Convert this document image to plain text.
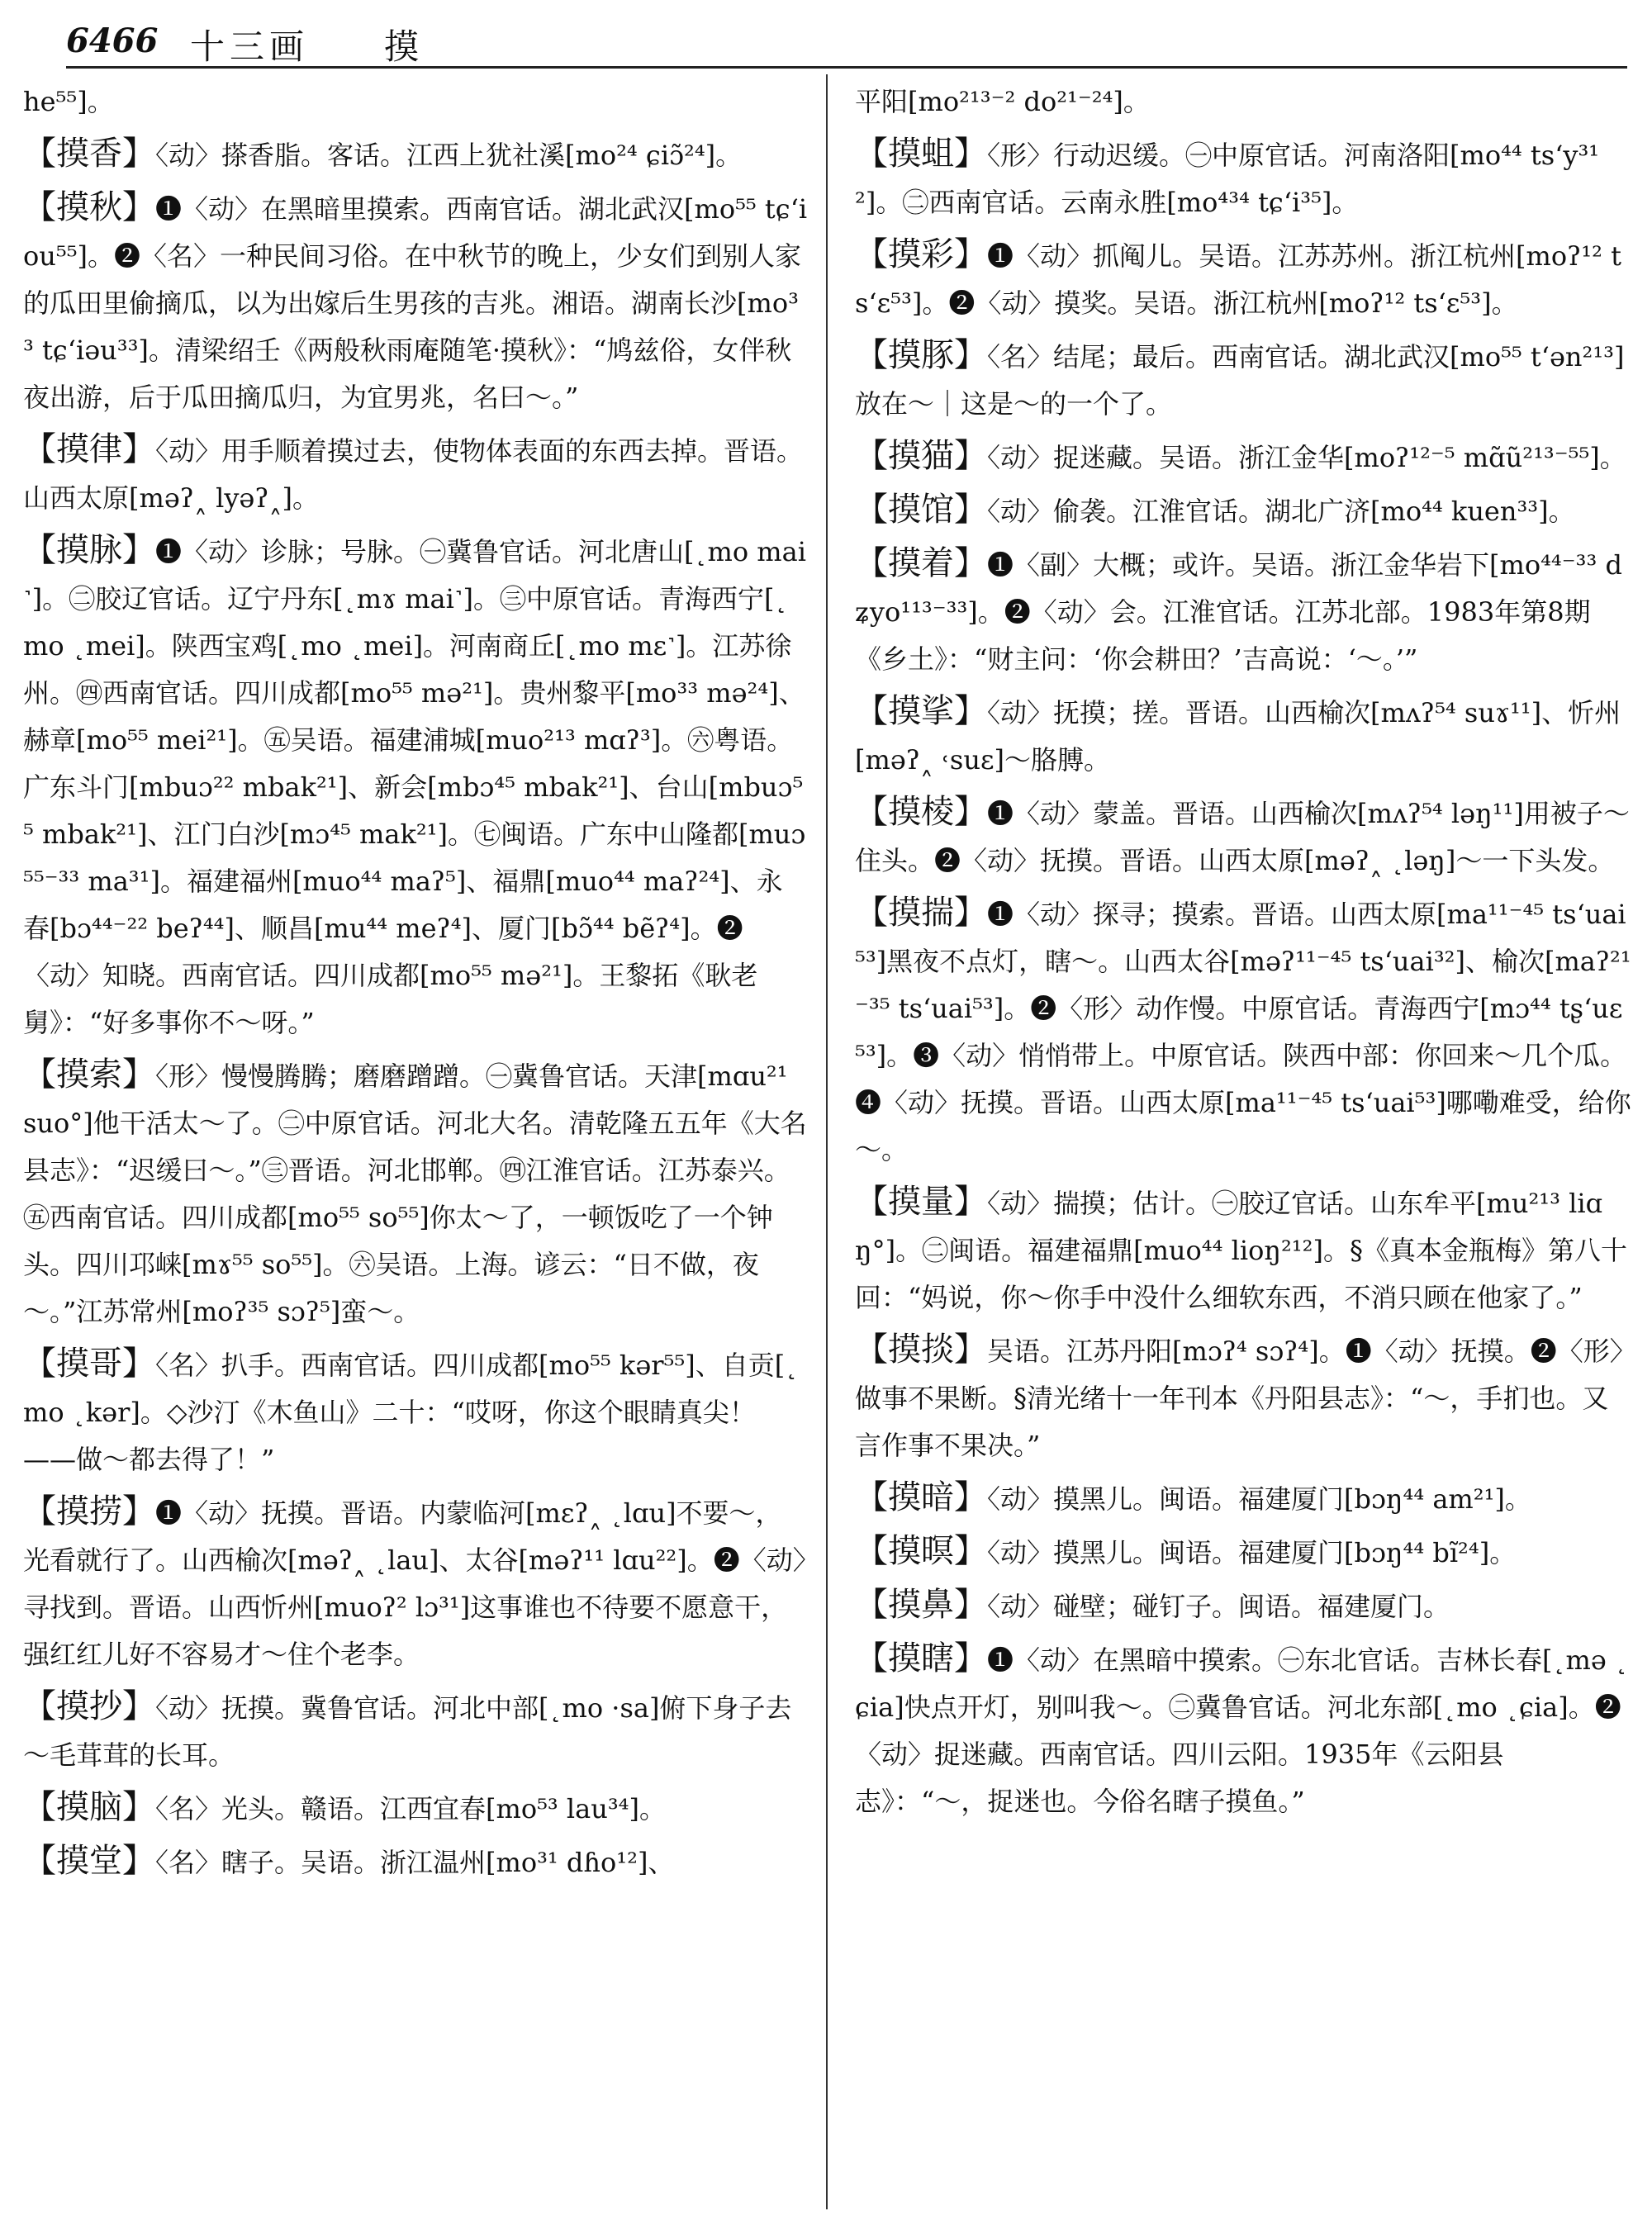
6466 十三画 摸
he⁵⁵]。
【摸香】〈动〉搽香脂。客话。江西上犹社溪[mo²⁴ ɕiɔ̃²⁴]。
【摸秋】❶〈动〉在黑暗里摸索。西南官话。湖北武汉[mo⁵⁵ tɕʻiou⁵⁵]。❷〈名〉一种民间习俗。在中秋节的晚上，少女们到别人家的瓜田里偷摘瓜，以为出嫁后生男孩的吉兆。湘语。湖南长沙[mo³³ tɕʻiəu³³]。清梁绍壬《两般秋雨庵随笔·摸秋》：“鸠兹俗，女伴秋夜出游，后于瓜田摘瓜归，为宜男兆，名曰～。”
【摸律】〈动〉用手顺着摸过去，使物体表面的东西去掉。晋语。山西太原[məʔ˰ lyəʔ˰]。
【摸脉】❶〈动〉诊脉；号脉。㊀冀鲁官话。河北唐山[˛mo mai˺]。㊁胶辽官话。辽宁丹东[˛mɤ mai˺]。㊂中原官话。青海西宁[˛mo ˛mei]。陕西宝鸡[˛mo ˛mei]。河南商丘[˛mo mɛ˺]。江苏徐州。㊃西南官话。四川成都[mo⁵⁵ mə²¹]。贵州黎平[mo³³ mə²⁴]、赫章[mo⁵⁵ mei²¹]。㊄吴语。福建浦城[muo²¹³ mɑʔ³]。㊅粤语。广东斗门[mbuɔ²² mbak²¹]、新会[mbɔ⁴⁵ mbak²¹]、台山[mbuɔ⁵⁵ mbak²¹]、江门白沙[mɔ⁴⁵ mak²¹]。㊆闽语。广东中山隆都[muɔ⁵⁵⁻³³ ma³¹]。福建福州[muo⁴⁴ maʔ⁵]、福鼎[muo⁴⁴ maʔ²⁴]、永春[bɔ⁴⁴⁻²² beʔ⁴⁴]、顺昌[mu⁴⁴ meʔ⁴]、厦门[bɔ̃⁴⁴ bẽʔ⁴]。❷〈动〉知晓。西南官话。四川成都[mo⁵⁵ mə²¹]。王黎拓《耿老舅》：“好多事你不～呀。”
【摸索】〈形〉慢慢腾腾；磨磨蹭蹭。㊀冀鲁官话。天津[mɑu²¹ suo°]他干活太～了。㊁中原官话。河北大名。清乾隆五五年《大名县志》：“迟缓曰～。”㊂晋语。河北邯郸。㊃江淮官话。江苏泰兴。㊄西南官话。四川成都[mo⁵⁵ so⁵⁵]你太～了，一顿饭吃了一个钟头。四川邛崃[mɤ⁵⁵ so⁵⁵]。㊅吴语。上海。谚云：“日不做，夜～。”江苏常州[moʔ³⁵ sɔʔ⁵]蛮～。
【摸哥】〈名〉扒手。西南官话。四川成都[mo⁵⁵ kər⁵⁵]、自贡[˛mo ˛kər]。◇沙汀《木鱼山》二十：“哎呀，你这个眼睛真尖！——做～都去得了！”
【摸捞】❶〈动〉抚摸。晋语。内蒙临河[mɛʔ˰ ˛lɑu]不要～，光看就行了。山西榆次[məʔ˰ ˛lau]、太谷[məʔ¹¹ lɑu²²]。❷〈动〉寻找到。晋语。山西忻州[muoʔ² lɔ³¹]这事谁也不待要不愿意干，强红红儿好不容易才～住个老李。
【摸抄】〈动〉抚摸。冀鲁官话。河北中部[˛mo ·sa]俯下身子去～毛茸茸的长耳。
【摸脑】〈名〉光头。赣语。江西宜春[mo⁵³ lau³⁴]。
【摸堂】〈名〉瞎子。吴语。浙江温州[mo³¹ dɦo¹²]、
平阳[mo²¹³⁻² do²¹⁻²⁴]。
【摸蛆】〈形〉行动迟缓。㊀中原官话。河南洛阳[mo⁴⁴ tsʻy³¹²]。㊁西南官话。云南永胜[mo⁴³⁴ tɕʻi³⁵]。
【摸彩】❶〈动〉抓阄儿。吴语。江苏苏州。浙江杭州[moʔ¹² tsʻɛ⁵³]。❷〈动〉摸奖。吴语。浙江杭州[moʔ¹² tsʻɛ⁵³]。
【摸豚】〈名〉结尾；最后。西南官话。湖北武汉[mo⁵⁵ tʻən²¹³]放在～｜这是～的一个了。
【摸猫】〈动〉捉迷藏。吴语。浙江金华[moʔ¹²⁻⁵ mɑ̃ũ²¹³⁻⁵⁵]。
【摸馆】〈动〉偷袭。江淮官话。湖北广济[mo⁴⁴ kuen³³]。
【摸着】❶〈副〉大概；或许。吴语。浙江金华岩下[mo⁴⁴⁻³³ dʑyo¹¹³⁻³³]。❷〈动〉会。江淮官话。江苏北部。1983年第8期《乡土》：“财主问：‘你会耕田？’吉高说：‘～。’”
【摸挲】〈动〉抚摸；搓。晋语。山西榆次[mʌʔ⁵⁴ suɤ¹¹]、忻州[məʔ˰ ˓suɛ]～胳膊。
【摸棱】❶〈动〉蒙盖。晋语。山西榆次[mʌʔ⁵⁴ ləŋ¹¹]用被子～住头。❷〈动〉抚摸。晋语。山西太原[məʔ˰ ˛ləŋ]～一下头发。
【摸揣】❶〈动〉探寻；摸索。晋语。山西太原[ma¹¹⁻⁴⁵ tsʻuai⁵³]黑夜不点灯，瞎～。山西太谷[məʔ¹¹⁻⁴⁵ tsʻuai³²]、榆次[maʔ²¹⁻³⁵ tsʻuai⁵³]。❷〈形〉动作慢。中原官话。青海西宁[mɔ⁴⁴ tʂʻuɛ⁵³]。❸〈动〉悄悄带上。中原官话。陕西中部：你回来～几个瓜。❹〈动〉抚摸。晋语。山西太原[ma¹¹⁻⁴⁵ tsʻuai⁵³]哪嘞难受，给你～。
【摸量】〈动〉揣摸；估计。㊀胶辽官话。山东牟平[mu²¹³ liɑŋ°]。㊁闽语。福建福鼎[muo⁴⁴ lioŋ²¹²]。§《真本金瓶梅》第八十回：“妈说，你～你手中没什么细软东西，不消只顾在他家了。”
【摸掞】吴语。江苏丹阳[mɔʔ⁴ sɔʔ⁴]。❶〈动〉抚摸。❷〈形〉做事不果断。§清光绪十一年刊本《丹阳县志》：“～，手扪也。又言作事不果决。”
【摸暗】〈动〉摸黑儿。闽语。福建厦门[bɔŋ⁴⁴ am²¹]。
【摸暝】〈动〉摸黑儿。闽语。福建厦门[bɔŋ⁴⁴ bĩ²⁴]。
【摸鼻】〈动〉碰壁；碰钉子。闽语。福建厦门。
【摸瞎】❶〈动〉在黑暗中摸索。㊀东北官话。吉林长春[˛mə ˛ɕia]快点开灯，别叫我～。㊁冀鲁官话。河北东部[˛mo ˛ɕia]。❷〈动〉捉迷藏。西南官话。四川云阳。1935年《云阳县志》：“～，捉迷也。今俗名瞎子摸鱼。”
